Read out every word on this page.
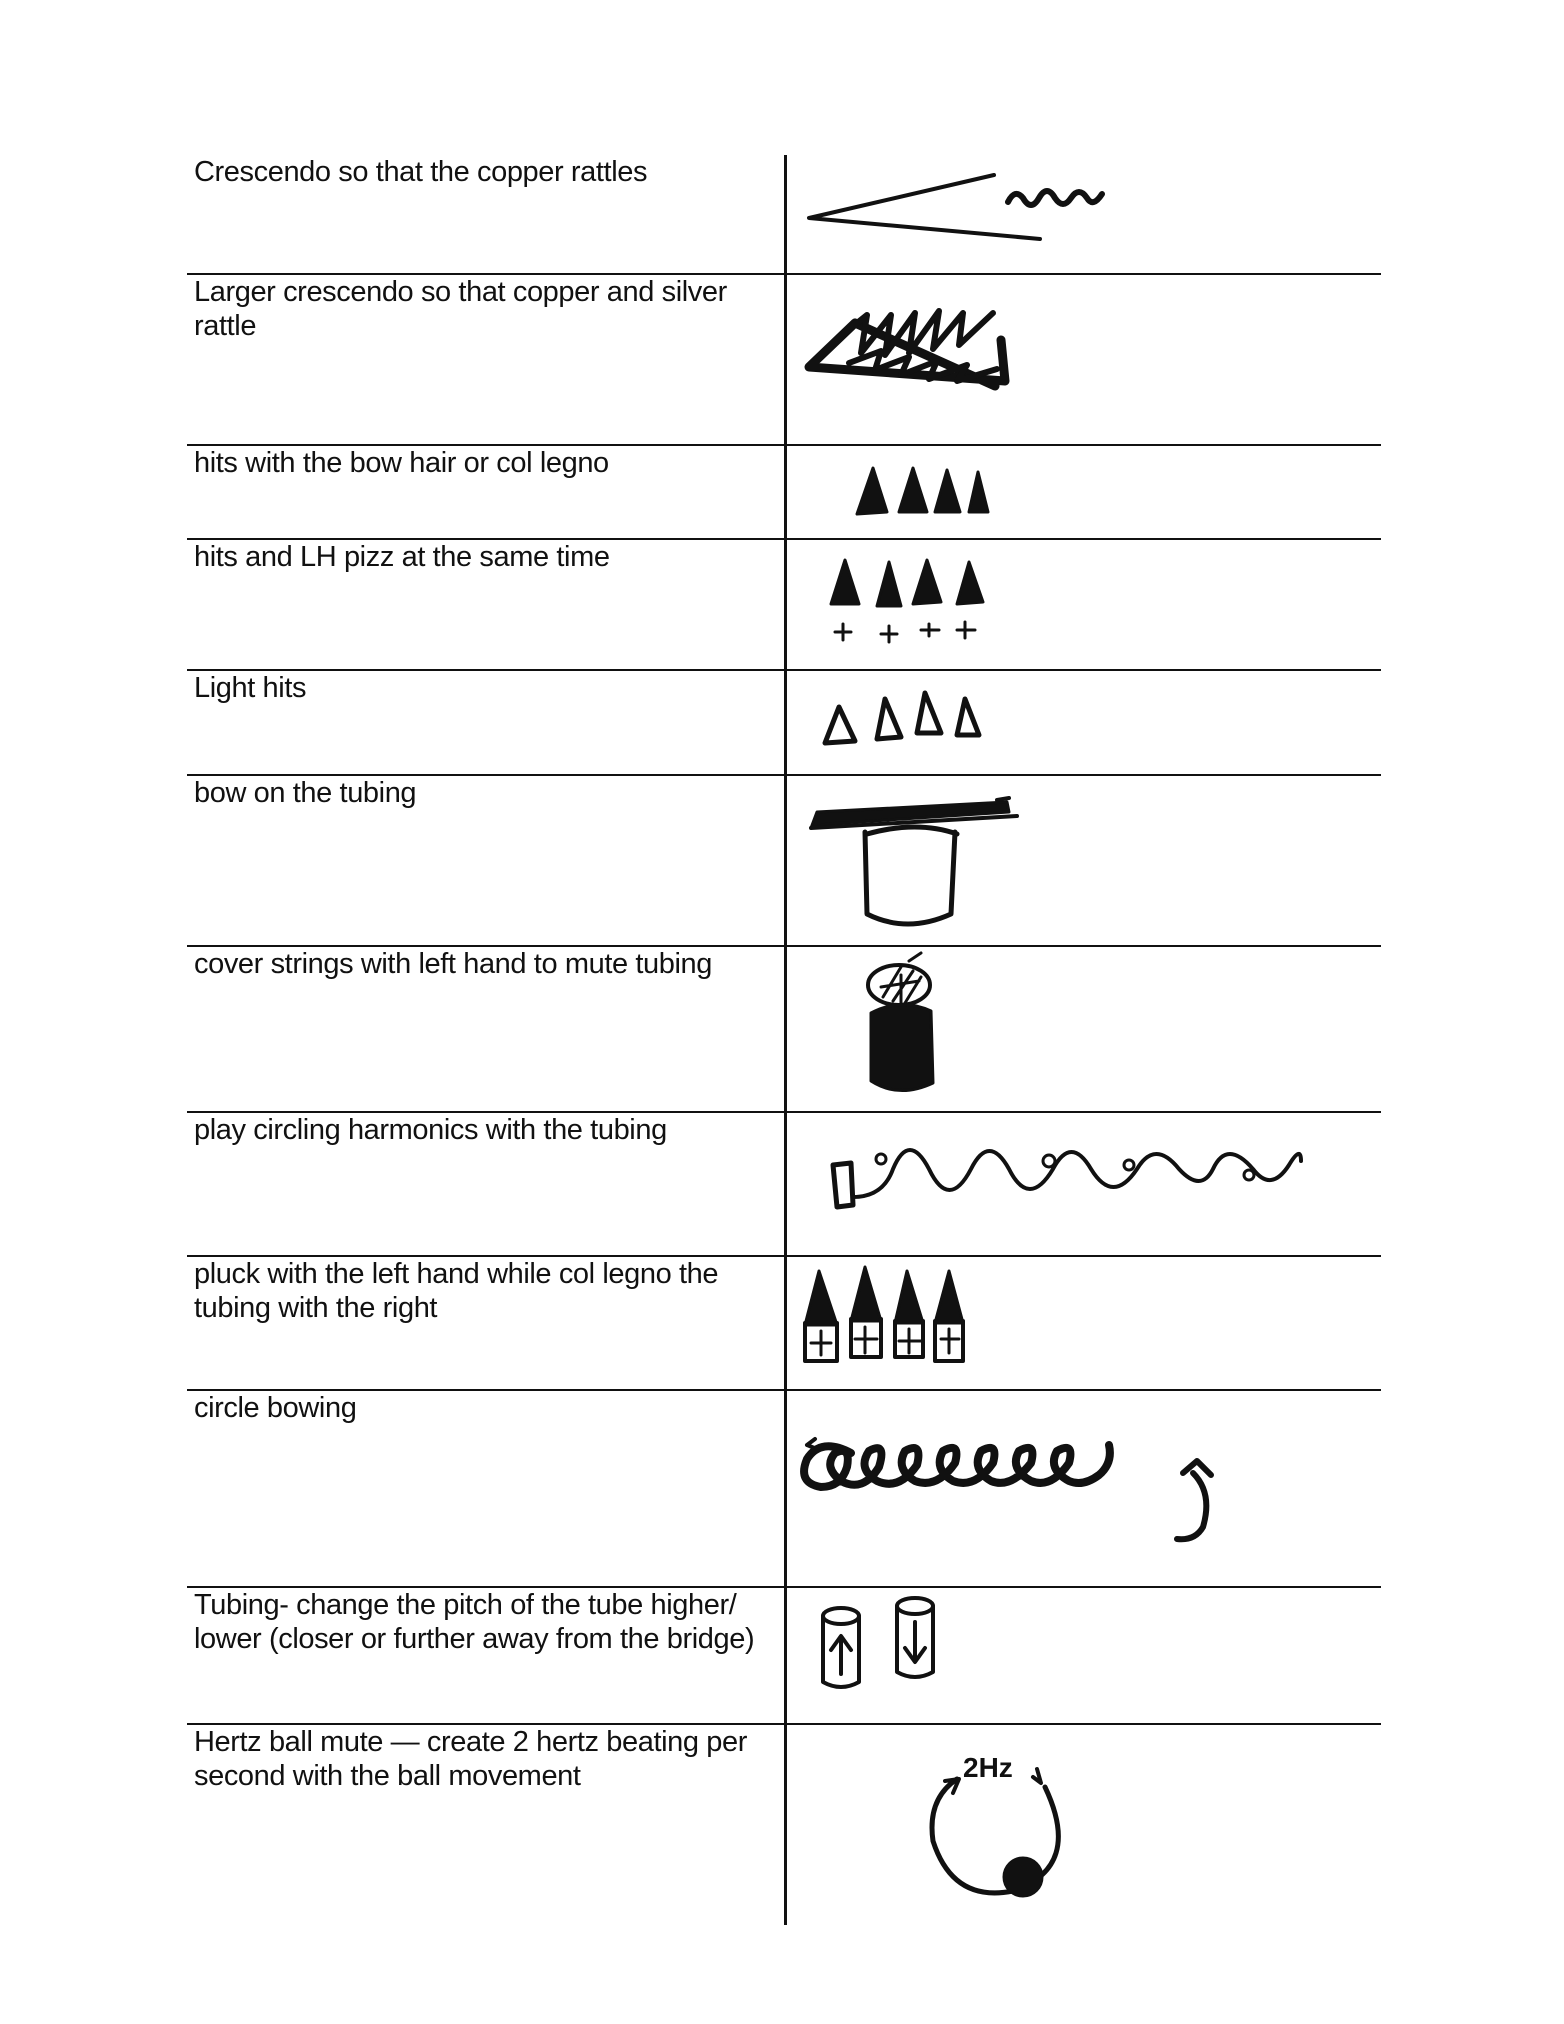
Crescendo so that the copper rattles
Larger crescendo so that copper and silver rattle
hits with the bow hair or col legno
hits and LH pizz at the same time
Light hits
bow on the tubing
cover strings with left hand to mute tubing
play circling harmonics with the tubing
pluck with the left hand while col legno the tubing with the right
circle bowing
Tubing- change the pitch of the tube higher/ lower (closer or further away from the bridge)
Hertz ball mute — create 2 hertz beating per second with the ball movement	2Hz
